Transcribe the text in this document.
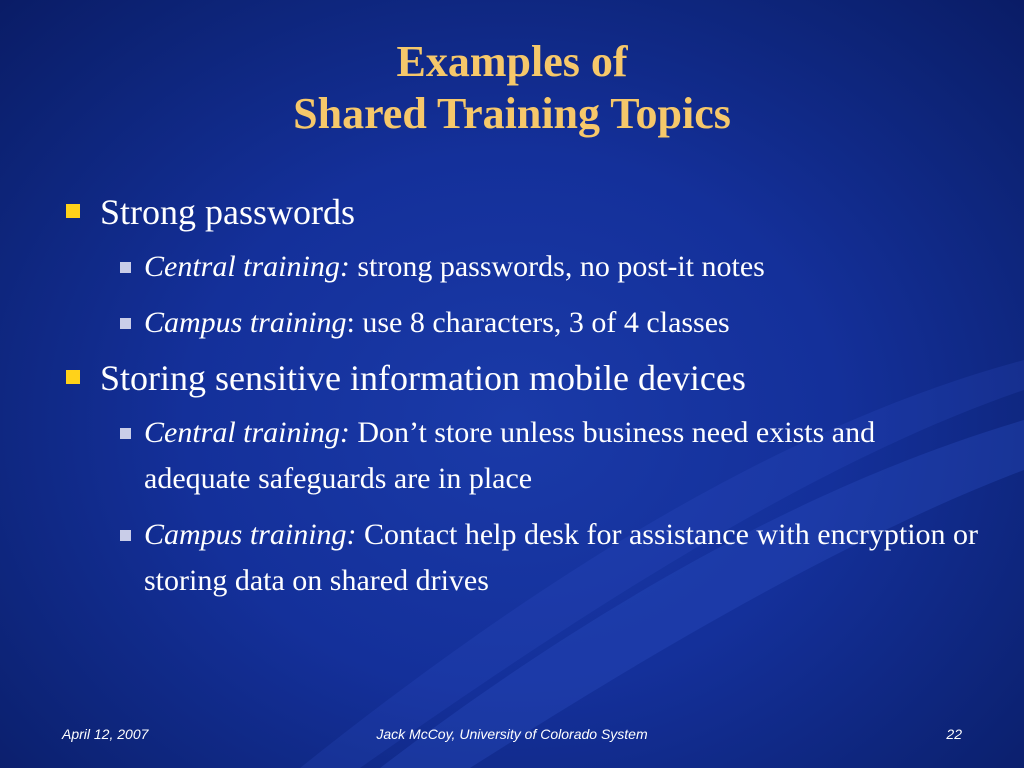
Examples of
Shared Training Topics
Strong passwords
Central training: strong passwords, no post-it notes
Campus training: use 8 characters, 3 of 4 classes
Storing sensitive information mobile devices
Central training: Don’t store unless business need exists and adequate safeguards are in place
Campus training: Contact help desk for assistance with encryption or storing data on shared drives
April 12, 2007	Jack McCoy, University of Colorado System	22
